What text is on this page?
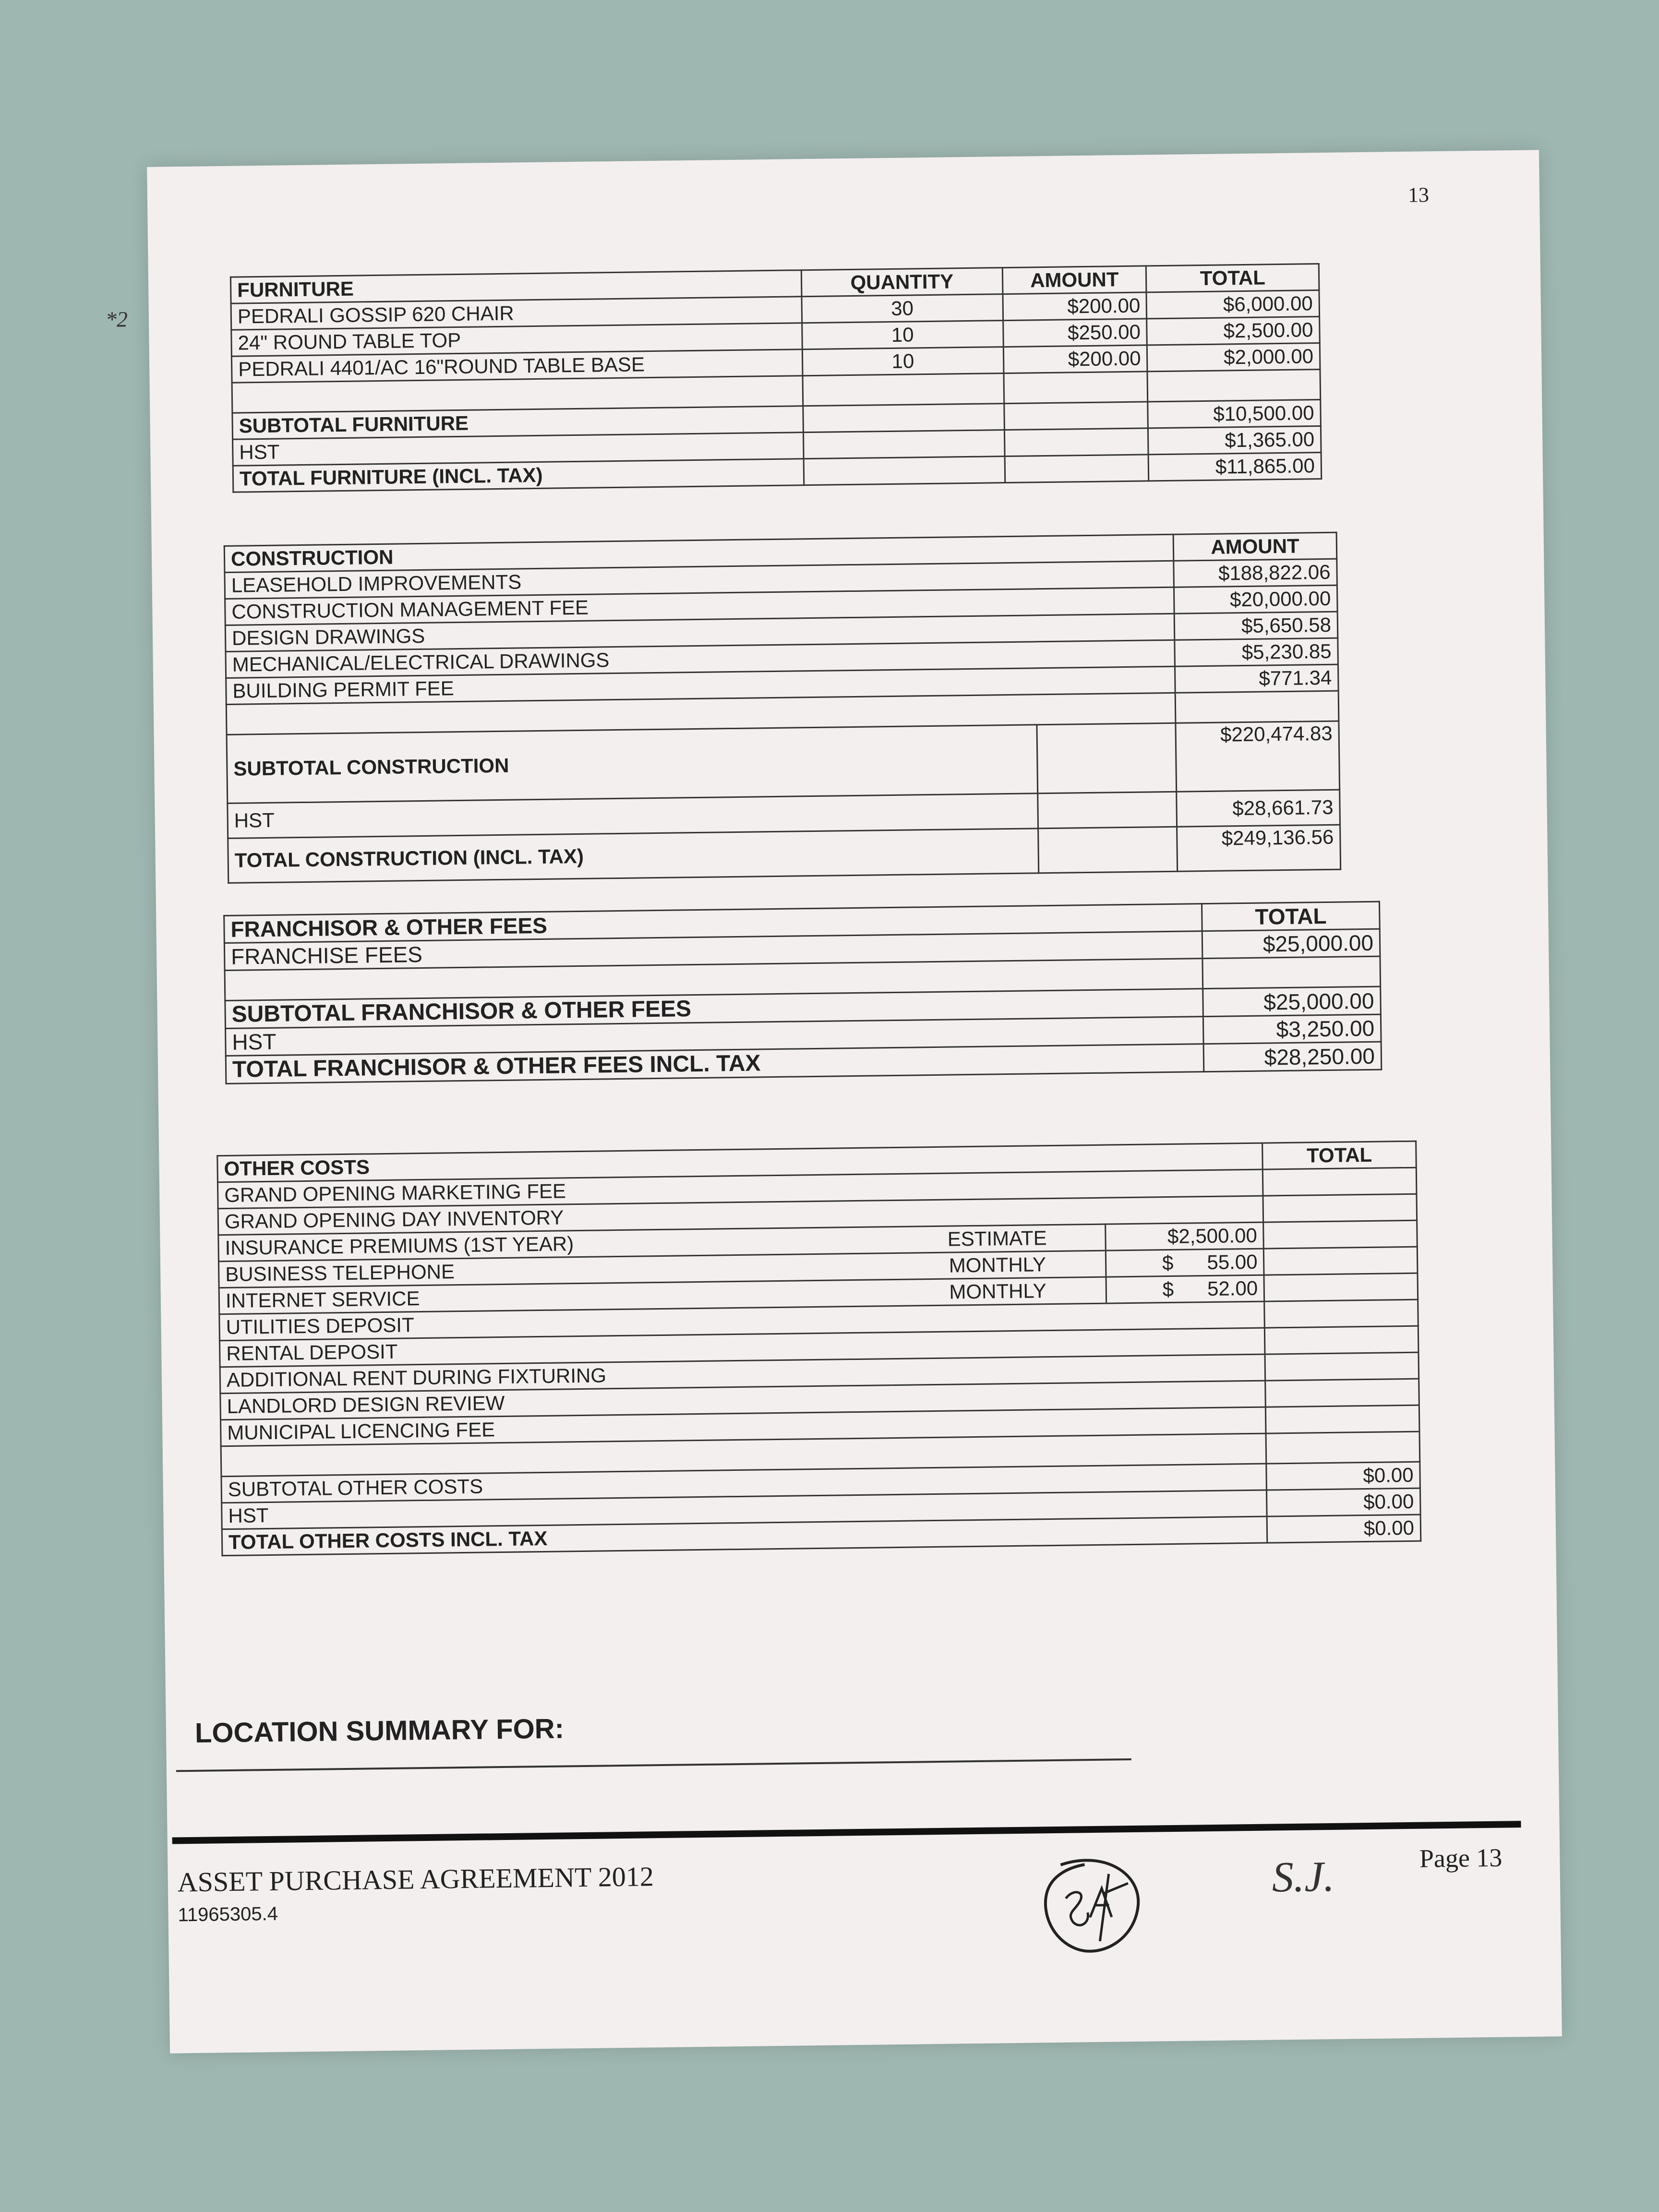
13
*2
FURNITURE	QUANTITY	AMOUNT	TOTAL
PEDRALI GOSSIP 620 CHAIR	30	$200.00	$6,000.00
24" ROUND TABLE TOP	10	$250.00	$2,500.00
PEDRALI 4401/AC 16"ROUND TABLE BASE	10	$200.00	$2,000.00

SUBTOTAL FURNITURE			$10,500.00
HST			$1,365.00
TOTAL FURNITURE (INCL. TAX)			$11,865.00
CONSTRUCTION		AMOUNT
LEASEHOLD IMPROVEMENTS		$188,822.06
CONSTRUCTION MANAGEMENT FEE		$20,000.00
DESIGN DRAWINGS		$5,650.58
MECHANICAL/ELECTRICAL DRAWINGS		$5,230.85
BUILDING PERMIT FEE		$771.34

SUBTOTAL CONSTRUCTION		$220,474.83
HST		$28,661.73
TOTAL CONSTRUCTION (INCL. TAX)		$249,136.56
FRANCHISOR & OTHER FEES	TOTAL
FRANCHISE FEES	$25,000.00

SUBTOTAL FRANCHISOR & OTHER FEES	$25,000.00
HST	$3,250.00
TOTAL FRANCHISOR & OTHER FEES INCL. TAX	$28,250.00
OTHER COSTS			TOTAL
GRAND OPENING MARKETING FEE			
GRAND OPENING DAY INVENTORY			
INSURANCE PREMIUMS (1ST YEAR)	ESTIMATE	$2,500.00	
BUSINESS TELEPHONE	MONTHLY	$      55.00	
INTERNET SERVICE	MONTHLY	$      52.00	
UTILITIES DEPOSIT			
RENTAL DEPOSIT			
ADDITIONAL RENT DURING FIXTURING			
LANDLORD DESIGN REVIEW			
MUNICIPAL LICENCING FEE			

SUBTOTAL OTHER COSTS			$0.00
HST			$0.00
TOTAL OTHER COSTS INCL. TAX			$0.00
LOCATION SUMMARY FOR:
ASSET PURCHASE AGREEMENT 2012
11965305.4
Page 13
S.J.
